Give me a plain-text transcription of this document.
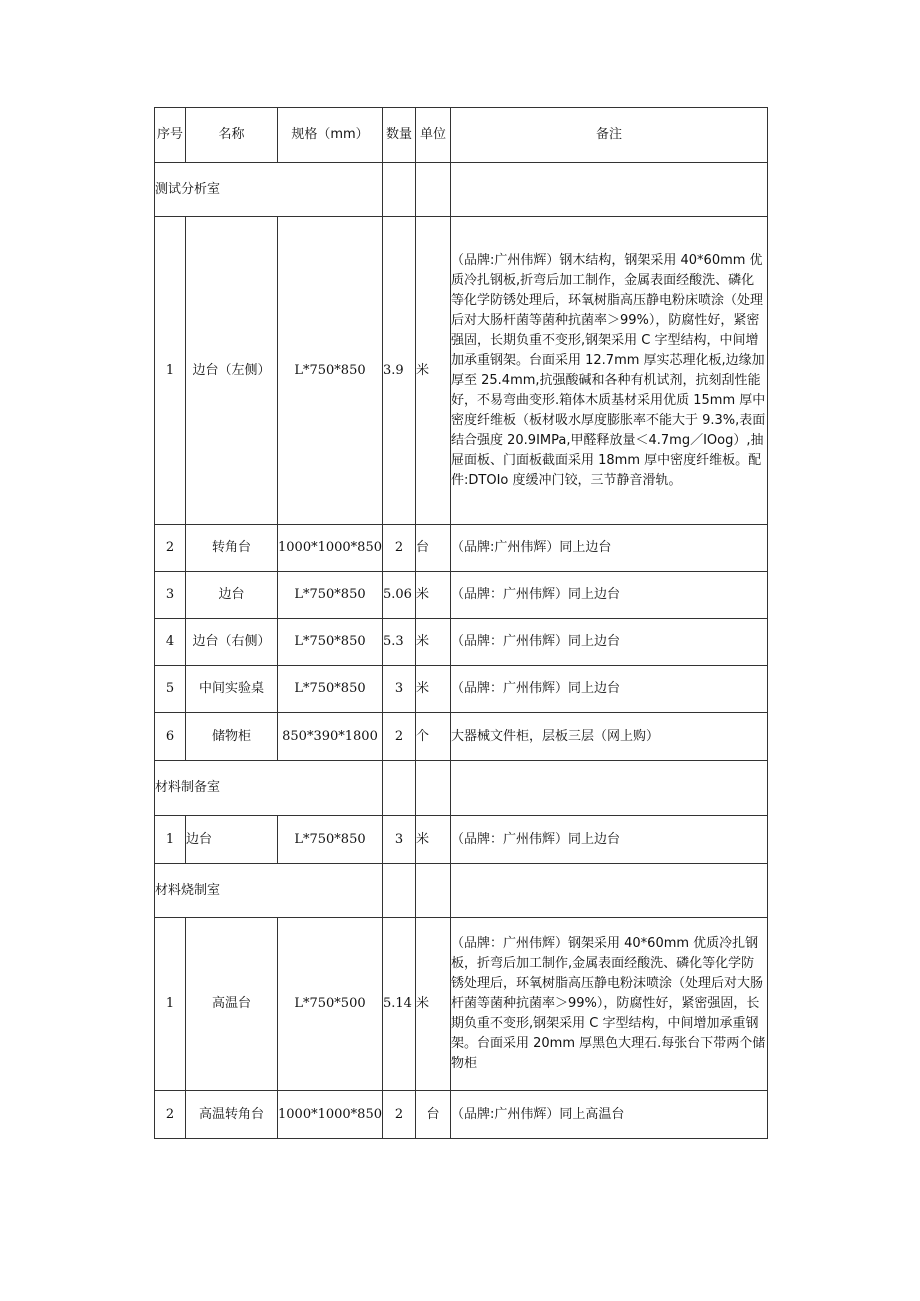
序号	名称	规格（mm）	数量	单位	备注
测试分析室					
1	边台（左侧）	L*750*850	3.9	米	（品牌:广州伟辉）钢木结构，钢架采用 40*60mm 优质冷扎钢板,折弯后加工制作，金属表面经酸洗、磷化等化学防锈处理后，环氧树脂高压静电粉床喷涂（处理后对大肠杆菌等菌种抗菌率＞99%），防腐性好，紧密强固，长期负重不变形,钢架采用 C 字型结构，中间增加承重钢架。台面采用 12.7mm 厚实芯理化板,边缘加厚至 25.4mm,抗强酸碱和各种有机试剂，抗刻刮性能好，不易弯曲变形.箱体木质基材采用优质 15mm 厚中密度纤维板（板材吸水厚度膨胀率不能大于 9.3%,表面结合强度 20.9IMPa,甲醛释放量＜4.7mg／IOog）,抽屉面板、门面板截面采用 18mm 厚中密度纤维板。配件:DTOIo 度缓冲门铰，三节静音滑轨。
2	转角台	1000*1000*850	2	台	（品牌:广州伟辉）同上边台
3	边台	L*750*850	5.06	米	（品牌：广州伟辉）同上边台
4	边台（右侧）	L*750*850	5.3	米	（品牌：广州伟辉）同上边台
5	中间实验桌	L*750*850	3	米	（品牌：广州伟辉）同上边台
6	储物柜	850*390*1800	2	个	大器械文件柜，层板三层（网上购）
材料制备室					
1	边台	L*750*850	3	米	（品牌：广州伟辉）同上边台
材料烧制室					
1	高温台	L*750*500	5.14	米	（品牌：广州伟辉）钢架采用 40*60mm 优质冷扎钢板，折弯后加工制作,金属表面经酸洗、磷化等化学防锈处理后，环氧树脂高压静电粉沫喷涂（处理后对大肠杆菌等菌种抗菌率＞99%），防腐性好，紧密强固，长期负重不变形,钢架采用 C 字型结构，中间增加承重钢架。台面采用 20mm 厚黑色大理石.每张台下带两个储物柜
2	高温转角台	1000*1000*850	2	台	（品牌:广州伟辉）同上高温台
